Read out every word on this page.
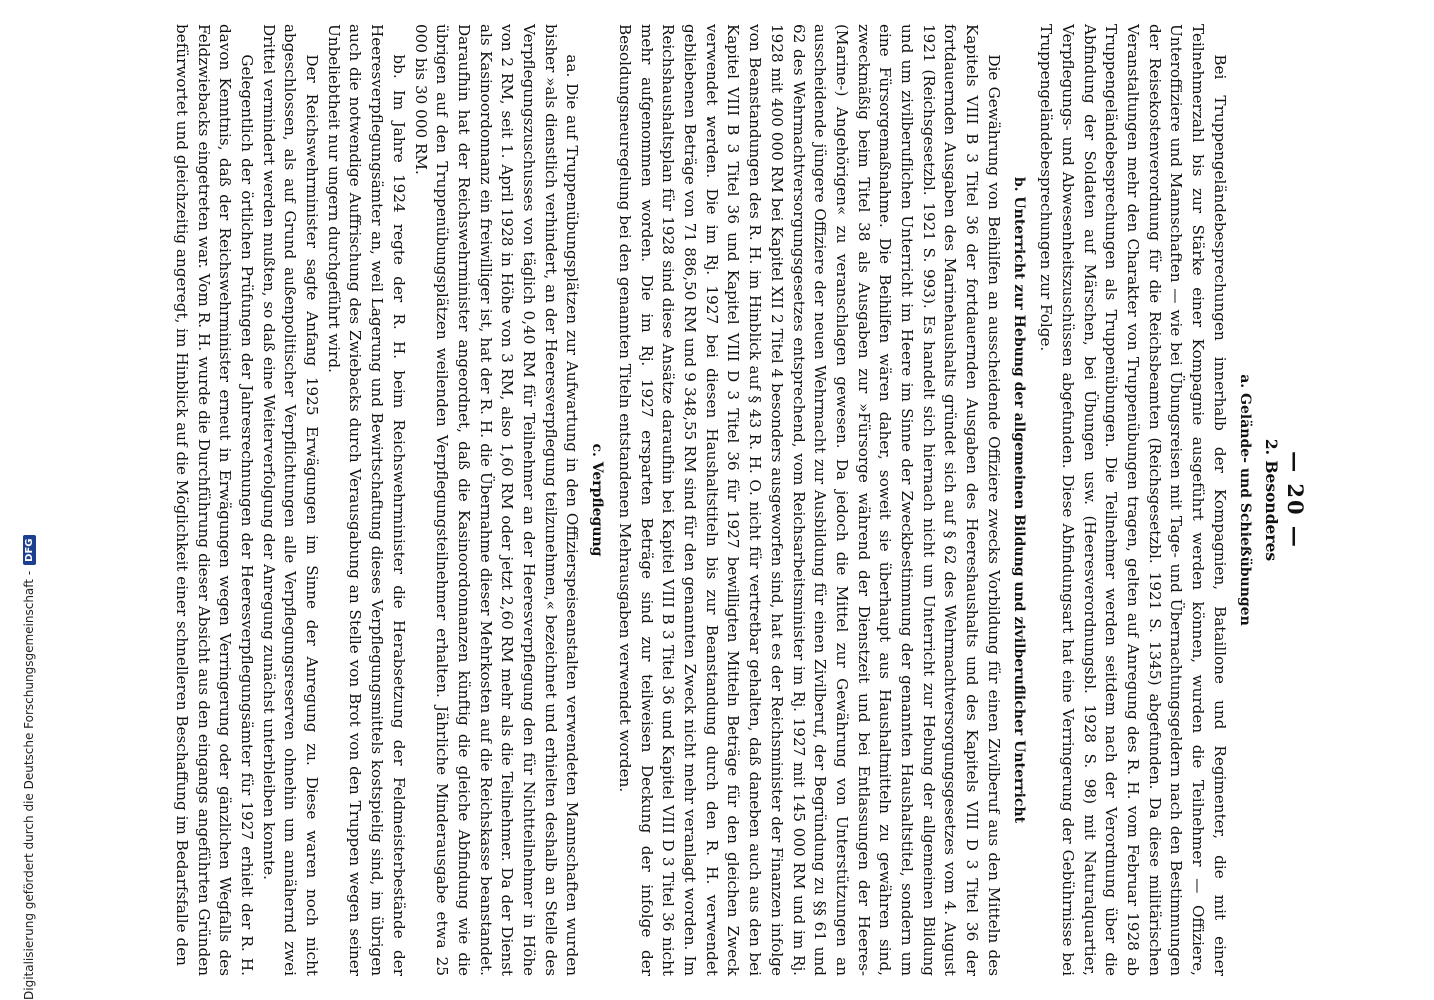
— 20 —
2. Besonderes
a. Gelände- und Schießübungen

Bei Truppengeländebesprechungen innerhalb der Kompagnien, Bataillone und Regimenter, die mit einer Teilnehmerzahl bis zur Stärke einer Kompagnie ausgeführt werden können, wurden die Teilnehmer — Offiziere, Unteroffiziere und Mannschaften — wie bei Übungsreisen mit Tage- und Übernachtungsgeldern nach den Bestimmungen der Reisekostenverordnung für die Reichsbeamten (Reichsgesetzbl. 1921 S. 1345) abgefunden. Da diese militärischen Veranstaltungen mehr den Charakter von Truppenübungen tragen, gelten auf Anregung des R. H. vom Februar 1928 ab Truppengeländebesprechungen als Truppenübungen. Die Teilnehmer werden seitdem nach der Verordnung über die Abfindung der Soldaten auf Märschen, bei Übungen usw. (Heeresverordnungsbl. 1928 S. 98) mit Naturalquartier, Verpflegungs- und Abwesenheitszuschüssen abgefunden. Diese Abfindungsart hat eine Verringerung der Gebührnisse bei Truppengeländebesprechungen zur Folge.

b. Unterricht zur Hebung der allgemeinen Bildung und zivilberuflicher Unterricht

Die Gewährung von Beihilfen an ausscheidende Offiziere zwecks Vorbildung für einen Zivilberuf aus den Mitteln des Kapitels VIII B 3 Titel 36 der fortdauernden Ausgaben des Heereshaushalts und des Kapitels VIII D 3 Titel 36 der fortdauernden Ausgaben des Marinehaushalts gründet sich auf § 62 des Wehrmachtversorgungsgesetzes vom 4. August 1921 (Reichsgesetzbl. 1921 S. 993). Es handelt sich hiernach nicht um Unterricht zur Hebung der allgemeinen Bildung und um zivilberuflichen Unterricht im Heere im Sinne der Zweckbestimmung der genannten Haushaltstitel, sondern um eine Fürsorgemaßnahme. Die Beihilfen wären daher, soweit sie überhaupt aus Haushaltmitteln zu gewähren sind, zweckmäßig beim Titel 38 als Ausgaben zur »Fürsorge während der Dienstzeit und bei Entlassungen der Heeres- (Marine-) Angehörigen« zu veranschlagen gewesen. Da jedoch die Mittel zur Gewährung von Unterstützungen an ausscheidende jüngere Offiziere der neuen Wehrmacht zur Ausbildung für einen Zivilberuf, der Begründung zu §§ 61 und 62 des Wehrmachtversorgungsgesetzes entsprechend, vom Reichsarbeitsminister im Rj. 1927 mit 145 000 RM und im Rj. 1928 mit 400 000 RM bei Kapitel XII 2 Titel 4 besonders ausgeworfen sind, hat es der Reichsminister der Finanzen infolge von Beanstandungen des R. H. im Hinblick auf § 43 R. H. O. nicht für vertretbar gehalten, daß daneben auch aus den bei Kapitel VIII B 3 Titel 36 und Kapitel VIII D 3 Titel 36 für 1927 bewilligten Mitteln Beträge für den gleichen Zweck verwendet werden. Die im Rj. 1927 bei diesen Haushaltstiteln bis zur Beanstandung durch den R. H. verwendet gebliebenen Beträge von 71 886,50 RM und 9 348,55 RM sind für den genannten Zweck nicht mehr veranlagt worden. Im Reichshaushaltsplan für 1928 sind diese Ansätze daraufhin bei Kapitel VIII B 3 Titel 36 und Kapitel VIII D 3 Titel 36 nicht mehr aufgenommen worden. Die im Rj. 1927 ersparten Beträge sind zur teilweisen Deckung der infolge der Besoldungsneuregelung bei den genannten Titeln entstandenen Mehrausgaben verwendet worden.

c. Verpflegung

aa. Die auf Truppenübungsplätzen zur Aufwartung in den Offizierspeiseanstalten verwendeten Mannschaften wurden bisher »als dienstlich verhindert, an der Heeresverpflegung teilzunehmen,« bezeichnet und erhielten deshalb an Stelle des Verpflegungszuschusses von täglich 0,40 RM für Teilnehmer an der Heeresverpflegung den für Nichtteilnehmer in Höhe von 2 RM, seit 1. April 1928 in Höhe von 3 RM, also 1,60 RM oder jetzt 2,60 RM mehr als die Teilnehmer. Da der Dienst als Kasinoordonnanz ein freiwilliger ist, hat der R. H. die Übernahme dieser Mehrkosten auf die Reichskasse beanstandet. Daraufhin hat der Reichswehrminister angeordnet, daß die Kasinoordonnanzen künftig die gleiche Abfindung wie die übrigen auf den Truppenübungsplätzen weilenden Verpflegungsteilnehmer erhalten. Jährliche Minderausgabe etwa 25 000 bis 30 000 RM.

bb. Im Jahre 1924 regte der R. H. beim Reichswehrminister die Herabsetzung der Feldmeisterbestände der Heeresverpflegungsämter an, weil Lagerung und Bewirtschaftung dieses Verpflegungsmittels kostspielig sind, im übrigen auch die notwendige Auffrischung des Zwiebacks durch Verausgabung an Stelle von Brot von den Truppen wegen seiner Unbeliebtheit nur ungern durchgeführt wird.

Der Reichswehrminister sagte Anfang 1925 Erwägungen im Sinne der Anregung zu. Diese waren noch nicht abgeschlossen, als auf Grund außenpolitischer Verpflichtungen alle Verpflegungsreserven ohnehin um annähernd zwei Drittel vermindert werden mußten, so daß eine Weiterverfolgung der Anregung zunächst unterbleiben konnte.

Gelegentlich der örtlichen Prüfungen der Jahresrechnungen der Heeresverpflegungsämter für 1927 erhielt der R. H. davon Kenntnis, daß der Reichswehrminister erneut in Erwägungen wegen Verringerung oder gänzlichen Wegfalls des Feldzwiebacks eingetreten war. Vom R. H. wurde die Durchführung dieser Absicht aus den eingangs angeführten Gründen befürwortet und gleichzeitig angeregt, im Hinblick auf die Möglichkeit einer schnelleren Beschaffung im Bedarfsfalle den

Digitalisierung gefördert durch die Deutsche Forschungsgemeinschaft -
DFG
